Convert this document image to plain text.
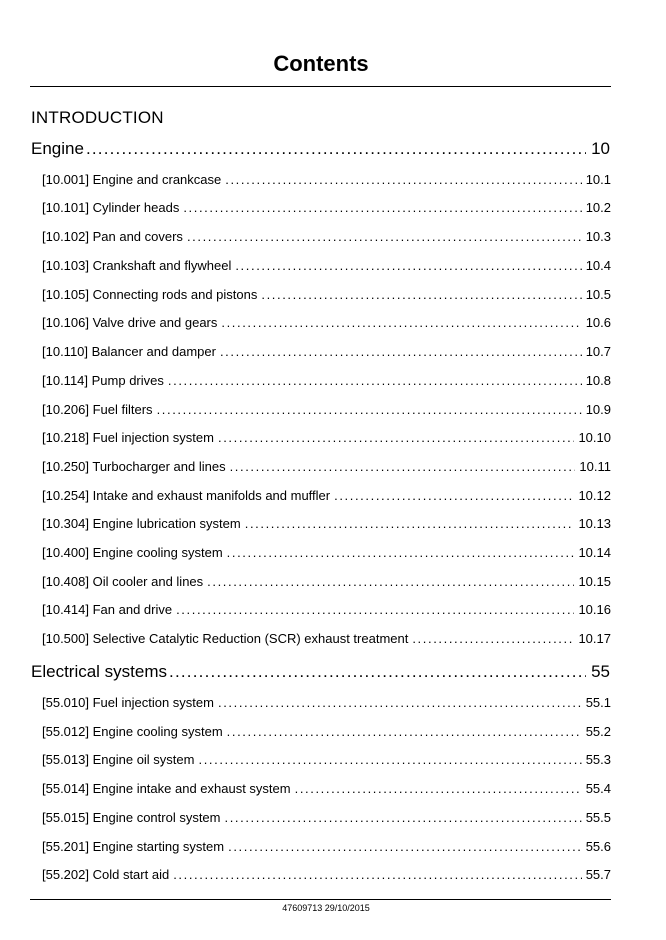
Contents
INTRODUCTION
Engine .....	10
[10.001] Engine and crankcase .....	10.1
[10.101] Cylinder heads .....	10.2
[10.102] Pan and covers .....	10.3
[10.103] Crankshaft and flywheel .....	10.4
[10.105] Connecting rods and pistons .....	10.5
[10.106] Valve drive and gears .....	10.6
[10.110] Balancer and damper .....	10.7
[10.114] Pump drives .....	10.8
[10.206] Fuel filters .....	10.9
[10.218] Fuel injection system .....	10.10
[10.250] Turbocharger and lines .....	10.11
[10.254] Intake and exhaust manifolds and muffler .....	10.12
[10.304] Engine lubrication system .....	10.13
[10.400] Engine cooling system .....	10.14
[10.408] Oil cooler and lines .....	10.15
[10.414] Fan and drive .....	10.16
[10.500] Selective Catalytic Reduction (SCR) exhaust treatment .....	10.17
Electrical systems .....	55
[55.010] Fuel injection system .....	55.1
[55.012] Engine cooling system .....	55.2
[55.013] Engine oil system .....	55.3
[55.014] Engine intake and exhaust system .....	55.4
[55.015] Engine control system .....	55.5
[55.201] Engine starting system .....	55.6
[55.202] Cold start aid .....	55.7
47609713 29/10/2015
